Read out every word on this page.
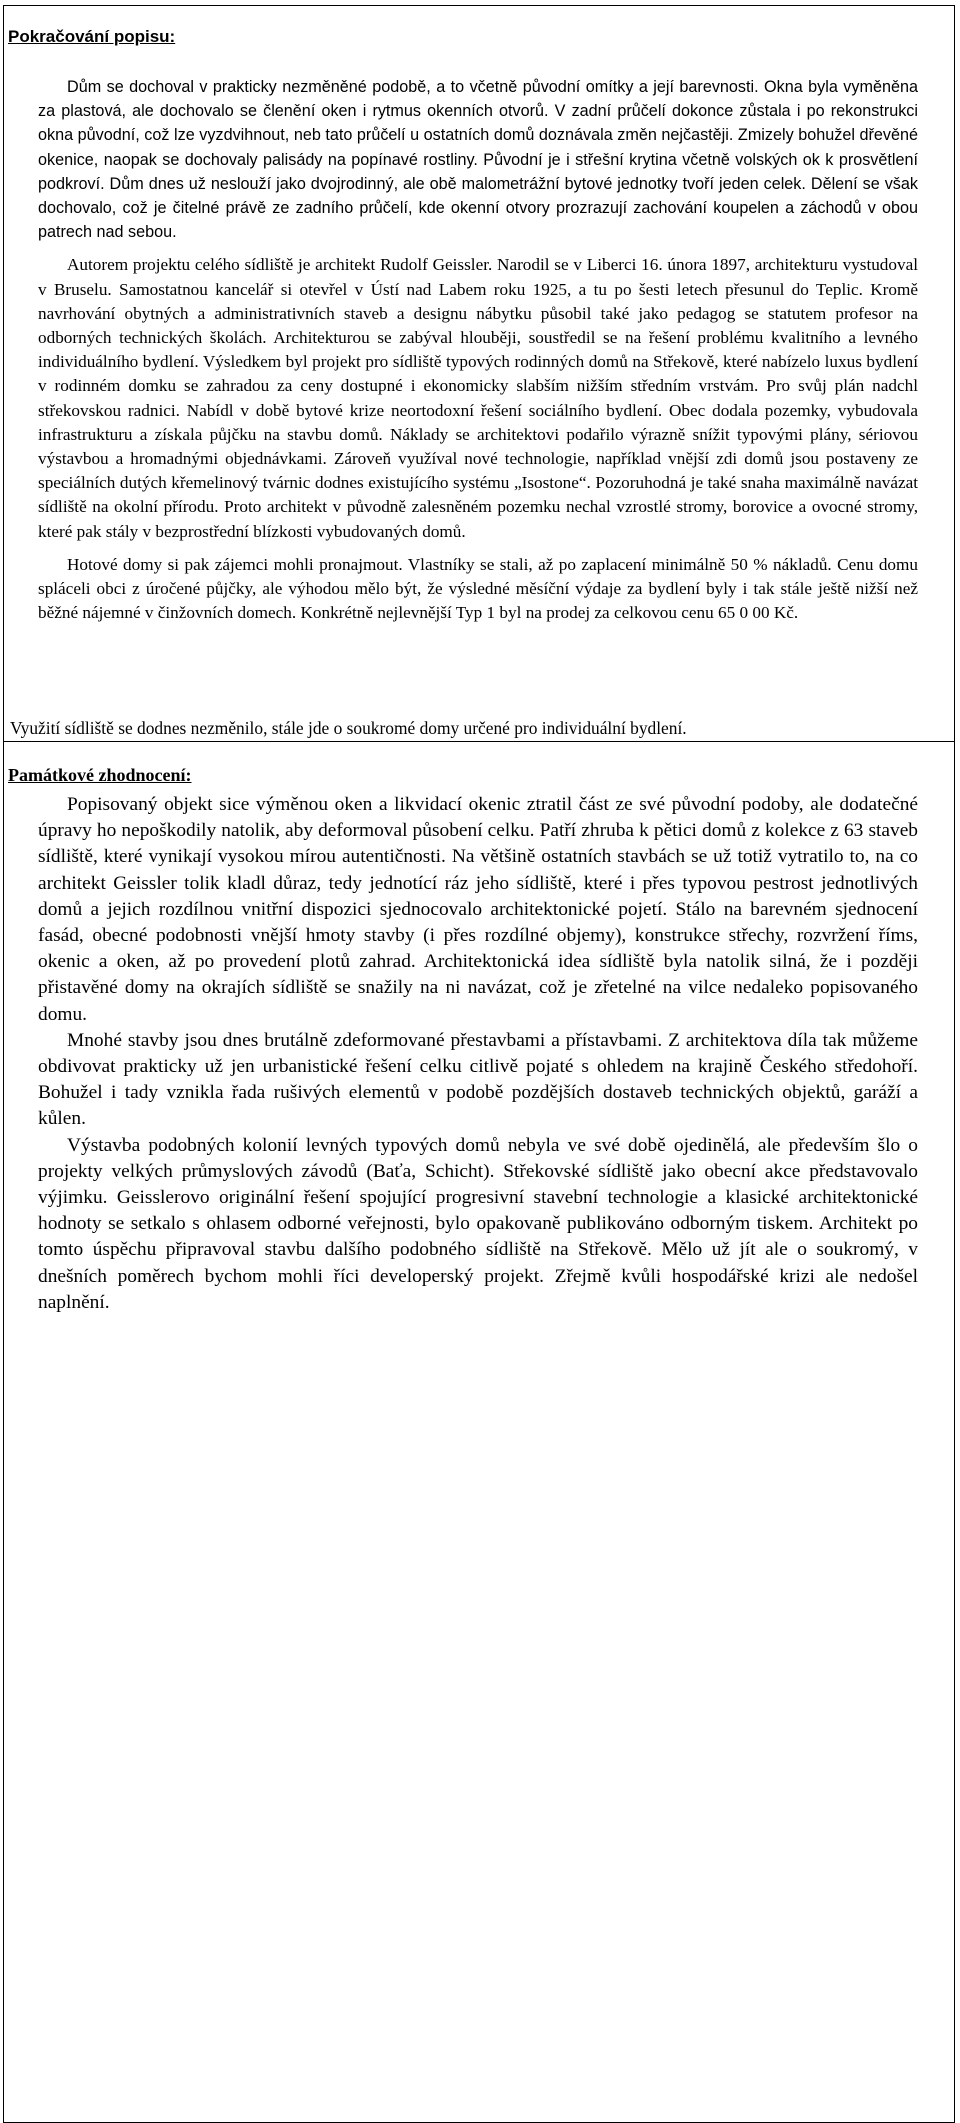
Pokračování popisu:

Dům se dochoval v prakticky nezměněné podobě, a to včetně původní omítky a její barevnosti. Okna byla vyměněna za plastová, ale dochovalo se členění oken i rytmus okenních otvorů. V zadní průčelí dokonce zůstala i po rekonstrukci okna původní, což lze vyzdvihnout, neb tato průčelí u ostatních domů doznávala změn nejčastěji. Zmizely bohužel dřevěné okenice, naopak se dochovaly palisády na popínavé rostliny. Původní je i střešní krytina včetně volských ok k prosvětlení podkroví. Dům dnes už neslouží jako dvojrodinný, ale obě malometrážní bytové jednotky tvoří jeden celek. Dělení se však dochovalo, což je čitelné právě ze zadního průčelí, kde okenní otvory prozrazují zachování koupelen a záchodů v obou patrech nad sebou.

Autorem projektu celého sídliště je architekt Rudolf Geissler. Narodil se v Liberci 16. února 1897, architekturu vystudoval v Bruselu. Samostatnou kancelář si otevřel v Ústí nad Labem roku 1925, a tu po šesti letech přesunul do Teplic. Kromě navrhování obytných a administrativních staveb a designu nábytku působil také jako pedagog se statutem profesor na odborných technických školách. Architekturou se zabýval hlouběji, soustředil se na řešení problému kvalitního a levného individuálního bydlení. Výsledkem byl projekt pro sídliště typových rodinných domů na Střekově, které nabízelo luxus bydlení v rodinném domku se zahradou za ceny dostupné i ekonomicky slabším nižším středním vrstvám. Pro svůj plán nadchl střekovskou radnici. Nabídl v době bytové krize neortodoxní řešení sociálního bydlení. Obec dodala pozemky, vybudovala infrastrukturu a získala půjčku na stavbu domů. Náklady se architektovi podařilo výrazně snížit typovými plány, sériovou výstavbou a hromadnými objednávkami. Zároveň využíval nové technologie, například vnější zdi domů jsou postaveny ze speciálních dutých křemelinový tvárnic dodnes existujícího systému „Isostone“. Pozoruhodná je také snaha maximálně navázat sídliště na okolní přírodu. Proto architekt v původně zalesněném pozemku nechal vzrostlé stromy, borovice a ovocné stromy, které pak stály v bezprostřední blízkosti vybudovaných domů.

Hotové domy si pak zájemci mohli pronajmout. Vlastníky se stali, až po zaplacení minimálně 50 % nákladů. Cenu domu spláceli obci z úročené půjčky, ale výhodou mělo být, že výsledné měsíční výdaje za bydlení byly i tak stále ještě nižší než běžné nájemné v činžovních domech. Konkrétně nejlevnější Typ 1 byl na prodej za celkovou cenu 65 0 00 Kč.

Využití sídliště se dodnes nezměnilo, stále jde o soukromé domy určené pro individuální bydlení.

Památkové zhodnocení:

Popisovaný objekt sice výměnou oken a likvidací okenic ztratil část ze své původní podoby, ale dodatečné úpravy ho nepoškodily natolik, aby deformoval působení celku. Patří zhruba k pětici domů z kolekce z 63 staveb sídliště, které vynikají vysokou mírou autentičnosti. Na většině ostatních stavbách se už totiž vytratilo to, na co architekt Geissler tolik kladl důraz, tedy jednotící ráz jeho sídliště, které i přes typovou pestrost jednotlivých domů a jejich rozdílnou vnitřní dispozici sjednocovalo architektonické pojetí. Stálo na barevném sjednocení fasád, obecné podobnosti vnější hmoty stavby (i přes rozdílné objemy), konstrukce střechy, rozvržení říms, okenic a oken, až po provedení plotů zahrad. Architektonická idea sídliště byla natolik silná, že i později přistavěné domy na okrajích sídliště se snažily na ni navázat, což je zřetelné na vilce nedaleko popisovaného domu.

Mnohé stavby jsou dnes brutálně zdeformované přestavbami a přístavbami. Z architektova díla tak můžeme obdivovat prakticky už jen urbanistické řešení celku citlivě pojaté s ohledem na krajině Českého středohoří. Bohužel i tady vznikla řada rušivých elementů v podobě pozdějších dostaveb technických objektů, garáží a kůlen.

Výstavba podobných kolonií levných typových domů nebyla ve své době ojedinělá, ale především šlo o projekty velkých průmyslových závodů (Baťa, Schicht). Střekovské sídliště jako obecní akce představovalo výjimku. Geisslerovo originální řešení spojující progresivní stavební technologie a klasické architektonické hodnoty se setkalo s ohlasem odborné veřejnosti, bylo opakovaně publikováno odborným tiskem. Architekt po tomto úspěchu připravoval stavbu dalšího podobného sídliště na Střekově. Mělo už jít ale o soukromý, v dnešních poměrech bychom mohli říci developerský projekt. Zřejmě kvůli hospodářské krizi ale nedošel naplnění.
